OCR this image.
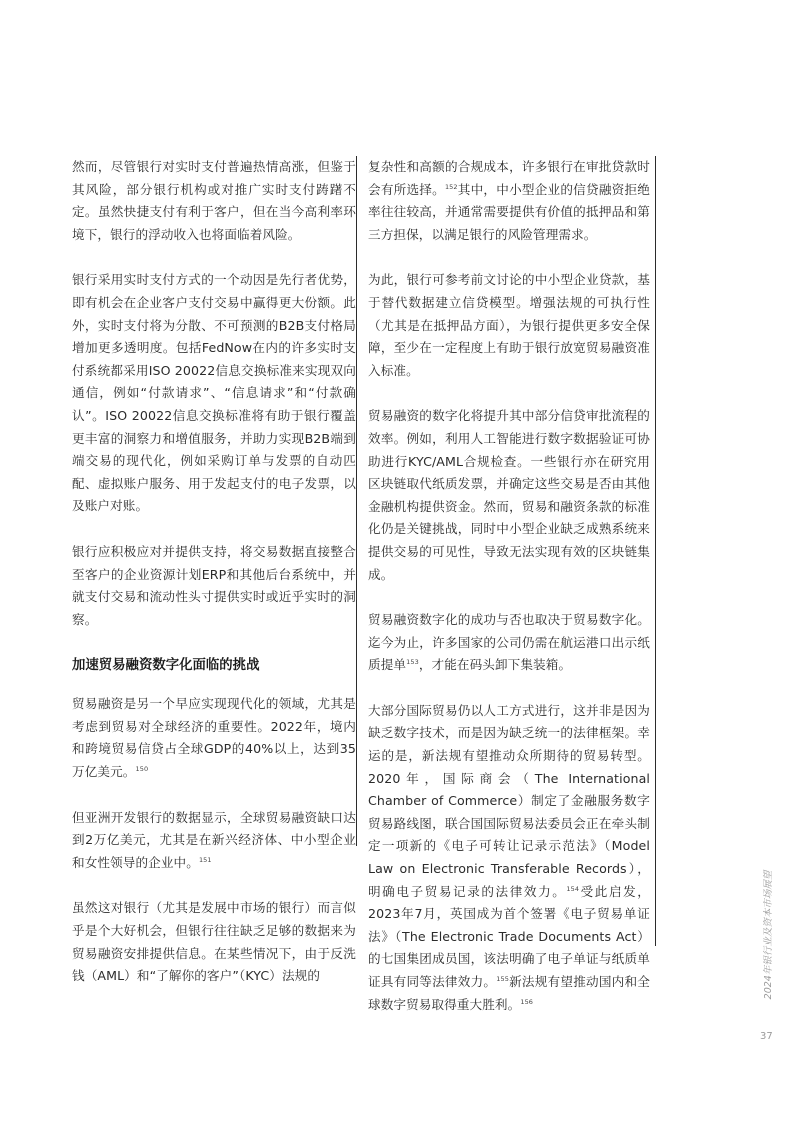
然而，尽管银行对实时支付普遍热情高涨，但鉴于其风险，部分银行机构或对推广实时支付踌躇不定。虽然快捷支付有利于客户，但在当今高利率环境下，银行的浮动收入也将面临着风险。

银行采用实时支付方式的一个动因是先行者优势，即有机会在企业客户支付交易中赢得更大份额。此外，实时支付将为分散、不可预测的B2B支付格局增加更多透明度。包括FedNow在内的许多实时支付系统都采用ISO 20022信息交换标准来实现双向通信，例如“付款请求”、“信息请求”和“付款确认”。ISO 20022信息交换标准将有助于银行覆盖更丰富的洞察力和增值服务，并助力实现B2B端到端交易的现代化，例如采购订单与发票的自动匹配、虚拟账户服务、用于发起支付的电子发票，以及账户对账。

银行应积极应对并提供支持，将交易数据直接整合至客户的企业资源计划ERP和其他后台系统中，并就支付交易和流动性头寸提供实时或近乎实时的洞察。

加速贸易融资数字化面临的挑战

贸易融资是另一个早应实现现代化的领域，尤其是考虑到贸易对全球经济的重要性。2022年，境内和跨境贸易信贷占全球GDP的40%以上，达到35万亿美元。$^{150}$

但亚洲开发银行的数据显示，全球贸易融资缺口达到2万亿美元，尤其是在新兴经济体、中小型企业和女性领导的企业中。$^{151}$

虽然这对银行（尤其是发展中市场的银行）而言似乎是个大好机会，但银行往往缺乏足够的数据来为贸易融资安排提供信息。在某些情况下，由于反洗钱（AML）和“了解你的客户”（KYC）法规的

复杂性和高额的合规成本，许多银行在审批贷款时会有所选择。$^{152}$其中，中小型企业的信贷融资拒绝率往往较高，并通常需要提供有价值的抵押品和第三方担保，以满足银行的风险管理需求。

为此，银行可参考前文讨论的中小型企业贷款，基于替代数据建立信贷模型。增强法规的可执行性（尤其是在抵押品方面），为银行提供更多安全保障，至少在一定程度上有助于银行放宽贸易融资准入标准。

贸易融资的数字化将提升其中部分信贷审批流程的效率。例如，利用人工智能进行数字数据验证可协助进行KYC/AML合规检查。一些银行亦在研究用区块链取代纸质发票，并确定这些交易是否由其他金融机构提供资金。然而，贸易和融资条款的标准化仍是关键挑战，同时中小型企业缺乏成熟系统来提供交易的可见性，导致无法实现有效的区块链集成。

贸易融资数字化的成功与否也取决于贸易数字化。迄今为止，许多国家的公司仍需在航运港口出示纸质提单$^{153}$，才能在码头卸下集装箱。

大部分国际贸易仍以人工方式进行，这并非是因为缺乏数字技术，而是因为缺乏统一的法律框架。幸运的是，新法规有望推动众所期待的贸易转型。2020年，国际商会（The International Chamber of Commerce）制定了金融服务数字贸易路线图，联合国国际贸易法委员会正在牵头制定一项新的《电子可转让记录示范法》（Model Law on Electronic Transferable Records），明确电子贸易记录的法律效力。$^{154}$受此启发，2023年7月，英国成为首个签署《电子贸易单证法》（The Electronic Trade Documents Act）的七国集团成员国，该法明确了电子单证与纸质单证具有同等法律效力。$^{155}$新法规有望推动国内和全球数字贸易取得重大胜利。$^{156}$

2024年银行业及资本市场展望
37
